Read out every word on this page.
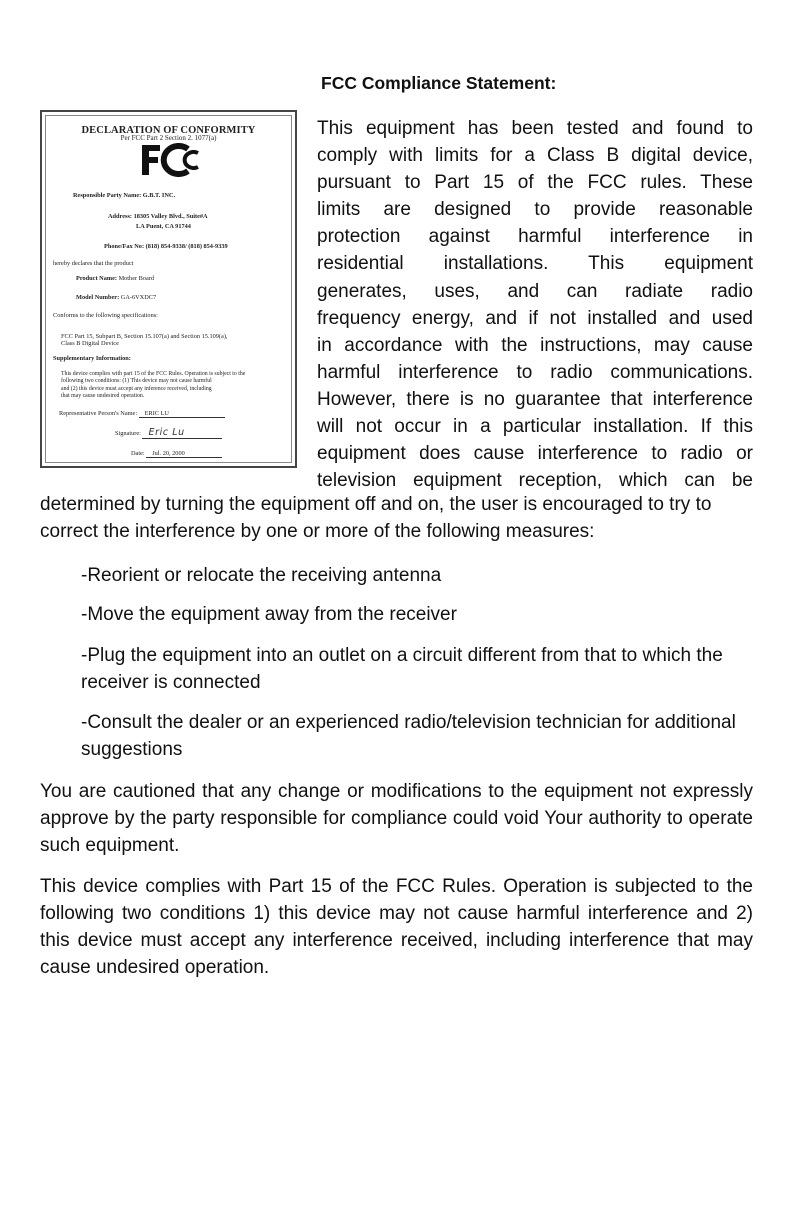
DECLARATION OF CONFORMITY
Per FCC Part 2 Section 2. 1077(a)
Responsible Party Name: G.B.T. INC.
Address: 18305 Valley Blvd., Suite#A
LA Puent, CA 91744
Phone/Fax No: (818) 854-9338/ (818) 854-9339
hereby declares that the product
Product Name: Mother Board
Model Number: GA-6VXDC7
Conforms to the following specifications:
FCC Part 15, Subpart B, Section 15.107(a) and Section 15.109(a),
Class B Digital Device
Supplementary Information:
This device complies with part 15 of the FCC Rules. Operation is subject to the
following two conditions: (1) This device may not cause harmful
and (2) this device must accept any inference received, including
that may cause undesired operation.
Representative Person's Name: ERIC LU
Signature: Eric Lu
Date: Jul. 20, 2000
FCC Compliance Statement:
This equipment has been tested and found to
comply with limits for a Class B digital device,
pursuant to Part 15 of the FCC rules. These
limits are designed to provide reasonable
protection against harmful interference in
residential installations. This equipment
generates, uses, and can radiate radio
frequency energy, and if not installed and used
in accordance with the instructions, may cause
harmful interference to radio communications.
However, there is no guarantee that interference
will not occur in a particular installation. If this
equipment does cause interference to radio or
television equipment reception, which can be
determined by turning the equipment off and on, the user is encouraged to try to
correct the interference by one or more of the following measures:
-Reorient or relocate the receiving antenna
-Move the equipment away from the receiver
-Plug the equipment into an outlet on a circuit different from that to which the receiver is connected
-Consult the dealer or an experienced radio/television technician for additional suggestions
You are cautioned that any change or modifications to the equipment not expressly approve by the party responsible for compliance could void Your authority to operate such equipment.
This device complies with Part 15 of the FCC Rules. Operation is subjected to the following two conditions 1) this device may not cause harmful interference and 2) this device must accept any interference received, including interference that may cause undesired operation.
